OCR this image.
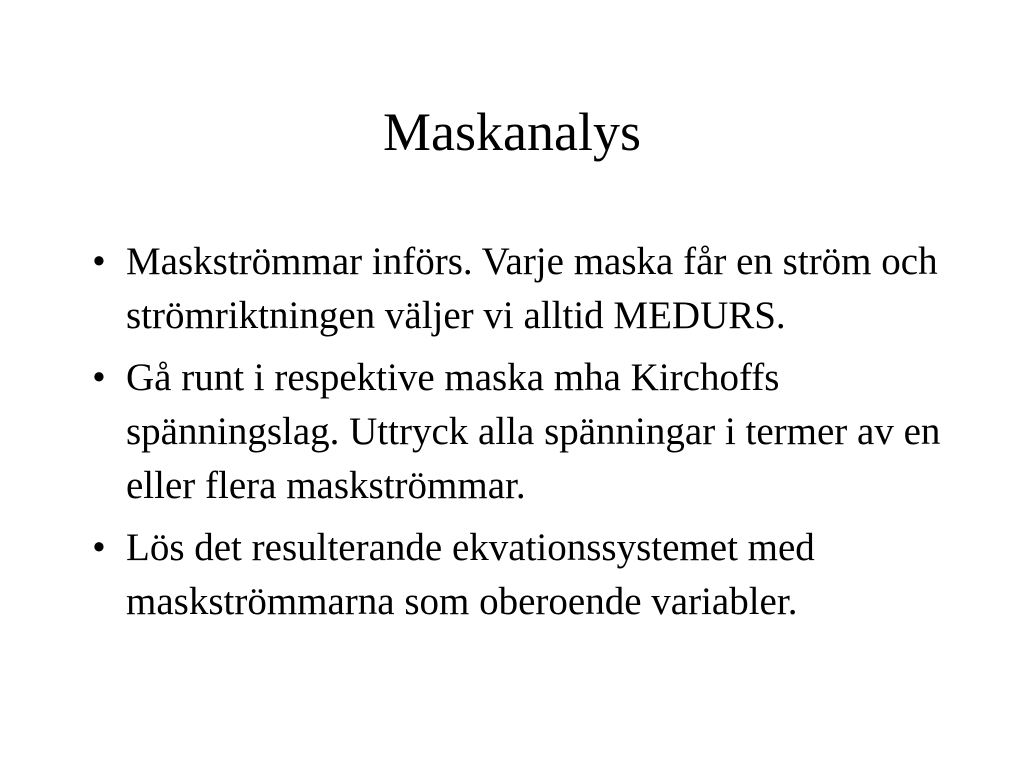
Maskanalys
• Maskströmmar införs. Varje maska får en ström och strömriktningen väljer vi alltid MEDURS.
• Gå runt i respektive maska mha Kirchoffs spänningslag. Uttryck alla spänningar i termer av en eller flera maskströmmar.
• Lös det resulterande ekvationssystemet med maskströmmarna som oberoende variabler.
